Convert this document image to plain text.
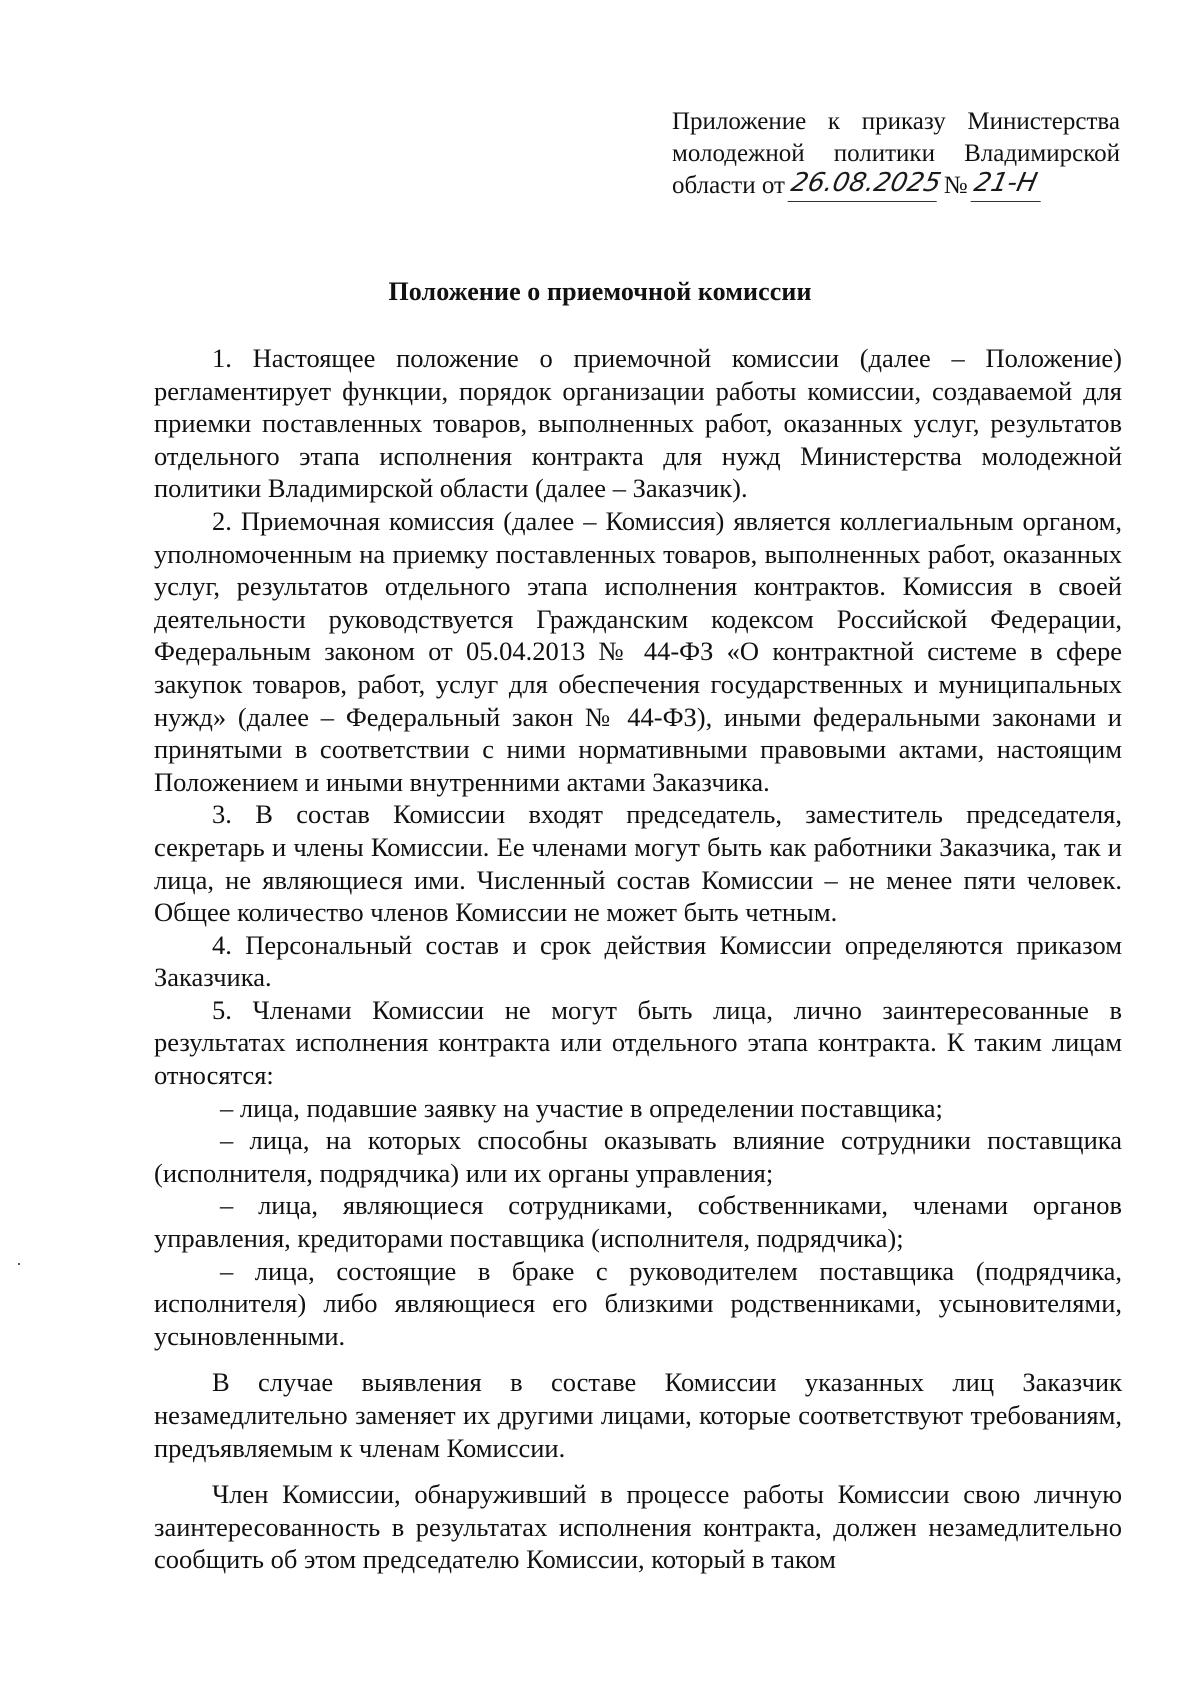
Приложение к приказу Министерства
молодежной политики Владимирской
области от 26.08.2025 № 21-Н
Положение о приемочной комиссии

1. Настоящее положение о приемочной комиссии (далее – Положение) регламентирует функции, порядок организации работы комиссии, создаваемой для приемки поставленных товаров, выполненных работ, оказанных услуг, результатов отдельного этапа исполнения контракта для нужд Министерства молодежной политики Владимирской области (далее – Заказчик).

2. Приемочная комиссия (далее – Комиссия) является коллегиальным органом, уполномоченным на приемку поставленных товаров, выполненных работ, оказанных услуг, результатов отдельного этапа исполнения контрактов. Комиссия в своей деятельности руководствуется Гражданским кодексом Российской Федерации, Федеральным законом от 05.04.2013 № 44-ФЗ «О контрактной системе в сфере закупок товаров, работ, услуг для обеспечения государственных и муниципальных нужд» (далее – Федеральный закон № 44-ФЗ), иными федеральными законами и принятыми в соответствии с ними нормативными правовыми актами, настоящим Положением и иными внутренними актами Заказчика.

3. В состав Комиссии входят председатель, заместитель председателя, секретарь и члены Комиссии. Ее членами могут быть как работники Заказчика, так и лица, не являющиеся ими. Численный состав Комиссии – не менее пяти человек. Общее количество членов Комиссии не может быть четным.

4. Персональный состав и срок действия Комиссии определяются приказом Заказчика.

5. Членами Комиссии не могут быть лица, лично заинтересованные в результатах исполнения контракта или отдельного этапа контракта. К таким лицам относятся:

– лица, подавшие заявку на участие в определении поставщика;

– лица, на которых способны оказывать влияние сотрудники поставщика (исполнителя, подрядчика) или их органы управления;

– лица, являющиеся сотрудниками, собственниками, членами органов управления, кредиторами поставщика (исполнителя, подрядчика);

– лица, состоящие в браке с руководителем поставщика (подрядчика, исполнителя) либо являющиеся его близкими родственниками, усыновителями, усыновленными.

В случае выявления в составе Комиссии указанных лиц Заказчик незамедлительно заменяет их другими лицами, которые соответствуют требованиям, предъявляемым к членам Комиссии.

Член Комиссии, обнаруживший в процессе работы Комиссии свою личную заинтересованность в результатах исполнения контракта, должен незамедлительно сообщить об этом председателю Комиссии, который в таком
